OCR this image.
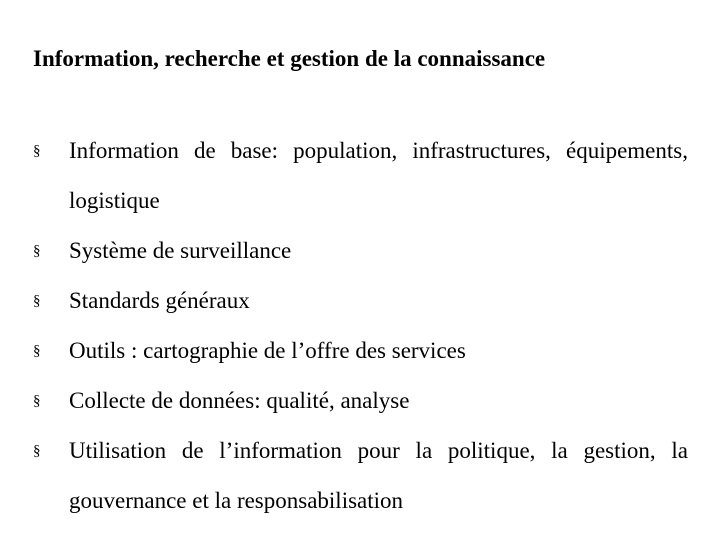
Information, recherche et gestion de la connaissance
§	Information de base: population, infrastructures, équipements, logistique
§	Système de surveillance
§	Standards généraux
§	Outils : cartographie de l’offre des services
§	Collecte de données: qualité, analyse
§	Utilisation de l’information pour la politique, la gestion, la gouvernance et la responsabilisation
